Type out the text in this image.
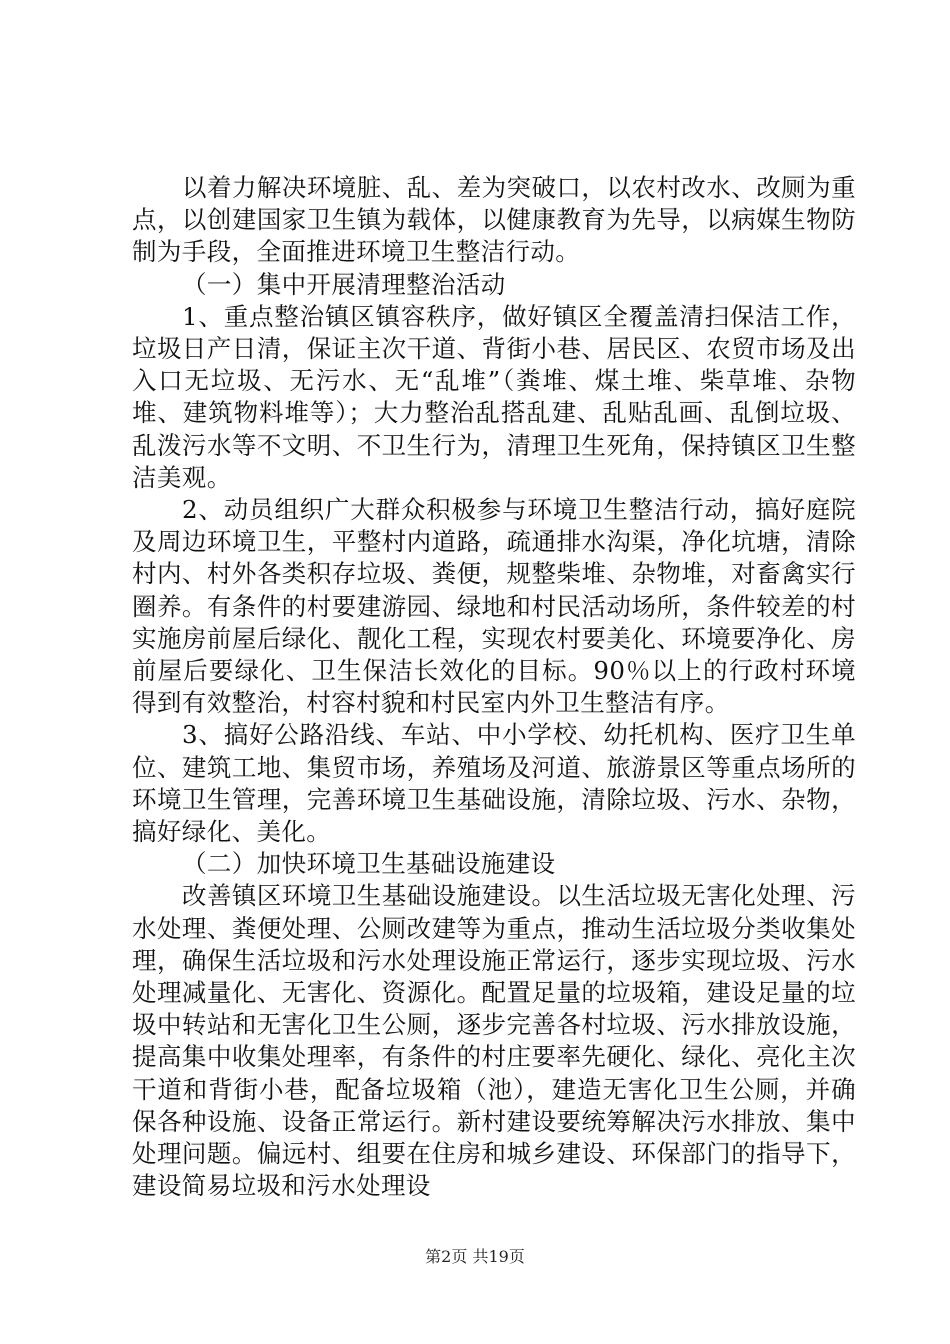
以着力解决环境脏、乱、差为突破口，以农村改水、改厕为重点，以创建国家卫生镇为载体，以健康教育为先导，以病媒生物防制为手段，全面推进环境卫生整洁行动。

（一）集中开展清理整治活动

1、重点整治镇区镇容秩序，做好镇区全覆盖清扫保洁工作，垃圾日产日清，保证主次干道、背街小巷、居民区、农贸市场及出入口无垃圾、无污水、无“乱堆”（粪堆、煤土堆、柴草堆、杂物堆、建筑物料堆等）；大力整治乱搭乱建、乱贴乱画、乱倒垃圾、乱泼污水等不文明、不卫生行为，清理卫生死角，保持镇区卫生整洁美观。

2、动员组织广大群众积极参与环境卫生整洁行动，搞好庭院及周边环境卫生，平整村内道路，疏通排水沟渠，净化坑塘，清除村内、村外各类积存垃圾、粪便，规整柴堆、杂物堆，对畜禽实行圈养。有条件的村要建游园、绿地和村民活动场所，条件较差的村实施房前屋后绿化、靓化工程，实现农村要美化、环境要净化、房前屋后要绿化、卫生保洁长效化的目标。90％以上的行政村环境得到有效整治，村容村貌和村民室内外卫生整洁有序。

3、搞好公路沿线、车站、中小学校、幼托机构、医疗卫生单位、建筑工地、集贸市场，养殖场及河道、旅游景区等重点场所的环境卫生管理，完善环境卫生基础设施，清除垃圾、污水、杂物，搞好绿化、美化。

（二）加快环境卫生基础设施建设

改善镇区环境卫生基础设施建设。以生活垃圾无害化处理、污水处理、粪便处理、公厕改建等为重点，推动生活垃圾分类收集处理，确保生活垃圾和污水处理设施正常运行，逐步实现垃圾、污水处理减量化、无害化、资源化。配置足量的垃圾箱，建设足量的垃圾中转站和无害化卫生公厕，逐步完善各村垃圾、污水排放设施，提高集中收集处理率，有条件的村庄要率先硬化、绿化、亮化主次干道和背街小巷，配备垃圾箱（池），建造无害化卫生公厕，并确保各种设施、设备正常运行。新村建设要统筹解决污水排放、集中处理问题。偏远村、组要在住房和城乡建设、环保部门的指导下，建设简易垃圾和污水处理设

第2页 共19页
